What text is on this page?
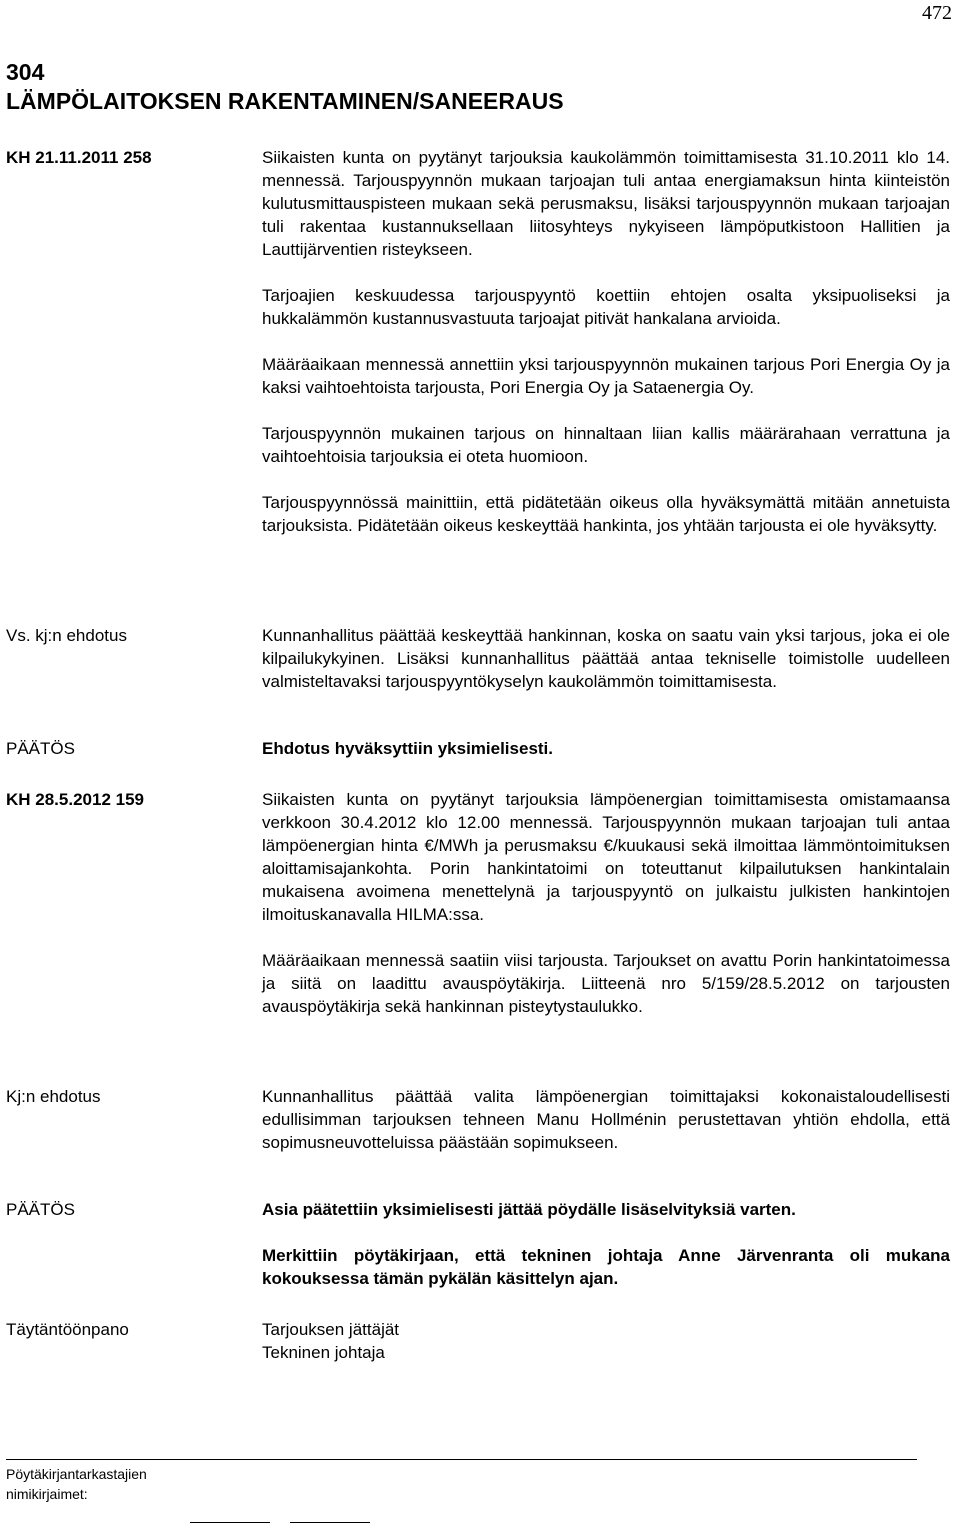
472

304

LÄMPÖLAITOKSEN RAKENTAMINEN/SANEERAUS

KH 21.11.2011 258	Siikaisten kunta on pyytänyt tarjouksia kaukolämmön toimittamisesta 31.10.2011 klo 14. mennessä. Tarjouspyynnön mukaan tarjoajan tuli antaa energiamaksun hinta kiinteistön kulutusmittauspisteen mukaan sekä perusmaksu, lisäksi tarjouspyynnön mukaan tarjoajan tuli rakentaa kustannuksellaan liitosyhteys nykyiseen lämpöputkistoon Hallitien ja Lauttijärventien risteykseen.

Tarjoajien keskuudessa tarjouspyyntö koettiin ehtojen osalta yksipuoliseksi ja hukkalämmön kustannusvastuuta tarjoajat pitivät hankalana arvioida.

Määräaikaan mennessä annettiin yksi tarjouspyynnön mukainen tarjous Pori Energia Oy ja kaksi vaihtoehtoista tarjousta, Pori Energia Oy ja Sataenergia Oy.

Tarjouspyynnön mukainen tarjous on hinnaltaan liian kallis määrärahaan verrattuna ja vaihtoehtoisia tarjouksia ei oteta huomioon.

Tarjouspyynnössä mainittiin, että pidätetään oikeus olla hyväksymättä mitään annetuista tarjouksista. Pidätetään oikeus keskeyttää hankinta, jos yhtään tarjousta ei ole hyväksytty.

Vs. kj:n ehdotus	Kunnanhallitus päättää keskeyttää hankinnan, koska on saatu vain yksi tarjous, joka ei ole kilpailukykyinen. Lisäksi kunnanhallitus päättää antaa tekniselle toimistolle uudelleen valmisteltavaksi tarjouspyyntökyselyn kaukolämmön toimittamisesta.

PÄÄTÖS	Ehdotus hyväksyttiin yksimielisesti.

KH 28.5.2012 159	Siikaisten kunta on pyytänyt tarjouksia lämpöenergian toimittamisesta omistamaansa verkkoon 30.4.2012 klo 12.00 mennessä. Tarjouspyynnön mukaan tarjoajan tuli antaa lämpöenergian hinta €/MWh ja perusmaksu €/kuukausi sekä ilmoittaa lämmöntoimituksen aloittamisajankohta. Porin hankintatoimi on toteuttanut kilpailutuksen hankintalain mukaisena avoimena menettelynä ja tarjouspyyntö on julkaistu julkisten hankintojen ilmoituskanavalla HILMA:ssa.

Määräaikaan mennessä saatiin viisi tarjousta. Tarjoukset on avattu Porin hankintatoimessa ja siitä on laadittu avauspöytäkirja. Liitteenä nro 5/159/28.5.2012 on tarjousten avauspöytäkirja sekä hankinnan pisteytystaulukko.

Kj:n ehdotus	Kunnanhallitus päättää valita lämpöenergian toimittajaksi kokonaistaloudellisesti edullisimman tarjouksen tehneen Manu Hollménin perustettavan yhtiön ehdolla, että sopimusneuvotteluissa päästään sopimukseen.

PÄÄTÖS	Asia päätettiin yksimielisesti jättää pöydälle lisäselvityksiä varten.

Merkittiin pöytäkirjaan, että tekninen johtaja Anne Järvenranta oli mukana kokouksessa tämän pykälän käsittelyn ajan.

Täytäntöönpano	Tarjouksen jättäjät

Tekninen johtaja

Pöytäkirjantarkastajien
nimikirjaimet:
